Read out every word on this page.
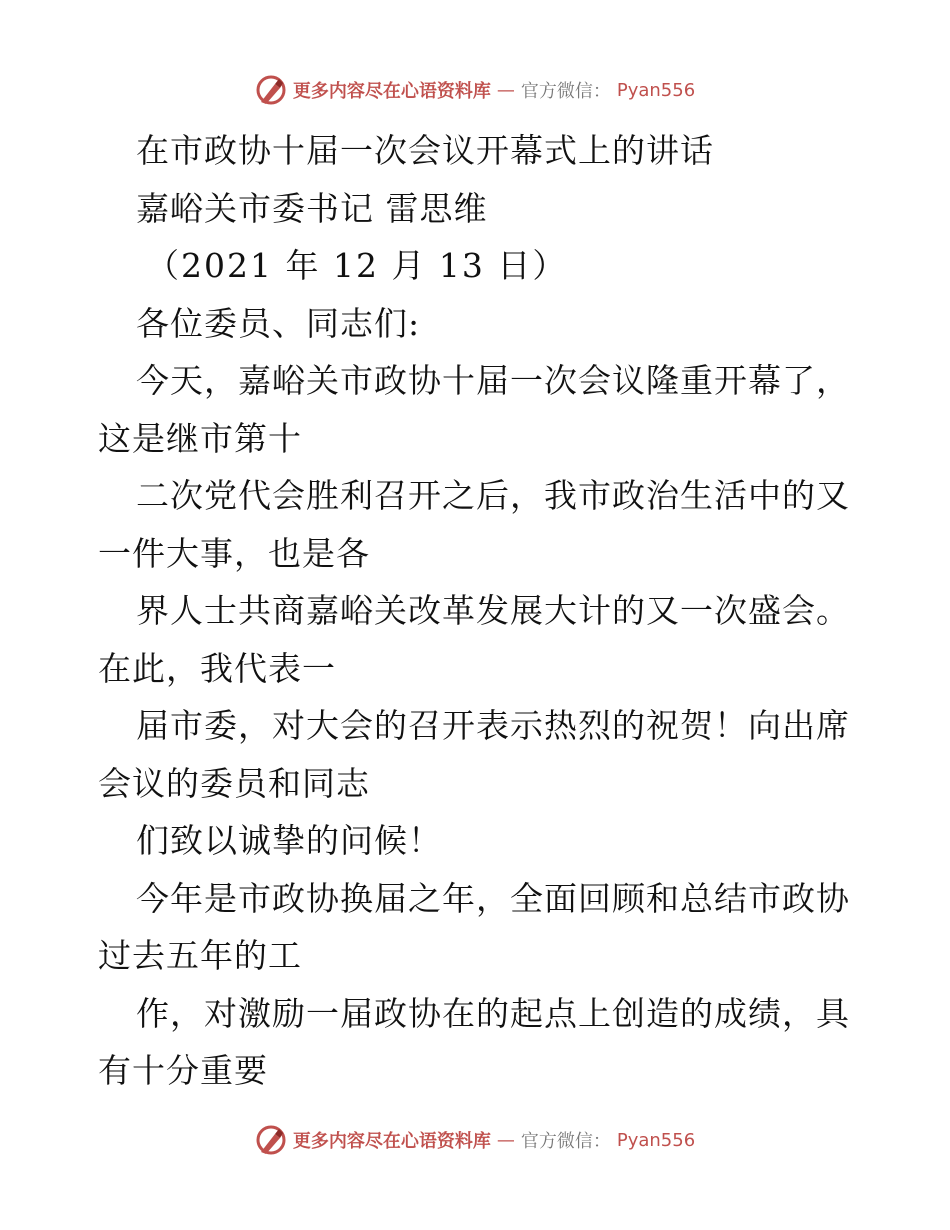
更多内容尽在心语资料库 — 官方微信： Pyan556
在市政协十届一次会议开幕式上的讲话
嘉峪关市委书记 雷思维
（2021 年 12 月 13 日）
各位委员、同志们:
今天，嘉峪关市政协十届一次会议隆重开幕了，
这是继市第十
二次党代会胜利召开之后，我市政治生活中的又
一件大事，也是各
界人士共商嘉峪关改革发展大计的又一次盛会。
在此，我代表一
届市委，对大会的召开表示热烈的祝贺！向出席
会议的委员和同志
们致以诚挚的问候！
今年是市政协换届之年，全面回顾和总结市政协
过去五年的工
作，对激励一届政协在的起点上创造的成绩，具
有十分重要
更多内容尽在心语资料库 — 官方微信： Pyan556
